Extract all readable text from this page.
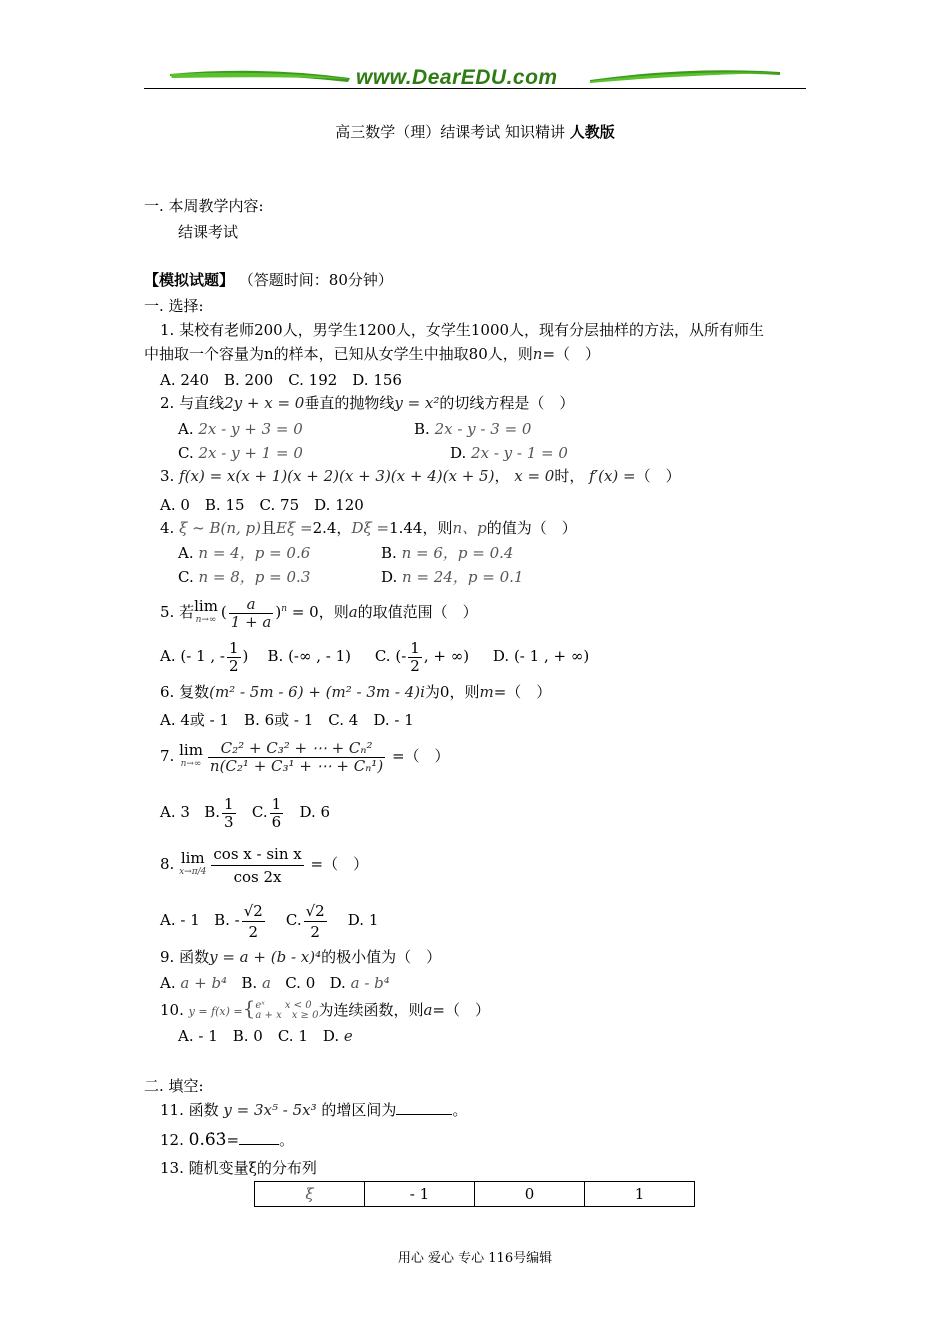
www.DearEDU.com
高三数学（理）结课考试 知识精讲 人教版
一. 本周教学内容:
结课考试
【模拟试题】 （答题时间：80分钟）
一. 选择:
1. 某校有老师200人，男学生1200人，女学生1000人，现有分层抽样的方法，从所有师生
中抽取一个容量为n的样本，已知从女学生中抽取80人，则n=（　）
A. 240　B. 200　C. 192　D. 156
2. 与直线2y + x = 0垂直的抛物线y = x²的切线方程是（　）
A. 2x - y + 3 = 0	B. 2x - y - 3 = 0
C. 2x - y + 1 = 0	D. 2x - y - 1 = 0
3. f(x) = x(x + 1)(x + 2)(x + 3)(x + 4)(x + 5)， x = 0时， f′(x) =（　）
A. 0　B. 15　C. 75　D. 120
4. ξ ~ B(n, p)且Eξ =2.4，Dξ =1.44，则n、p的值为（　）
A. n = 4，p = 0.6	B. n = 6，p = 0.4
C. n = 8，p = 0.3	D. n = 24，p = 0.1
5. 若lim
n→∞ ( $\frac{a}{1 + a} )^n = 0$，则a的取值范围（　）
A. (- 1 , - $\frac{1}{2}$ ) B. (-∞ , - 1) C. (- $\frac{1}{2}$ , + ∞) D. (- 1 , + ∞)
6. 复数(m² - 5m - 6) + (m² - 3m - 4)i为0，则m=（　）
A. 4或 - 1　B. 6或 - 1　C. 4　D. - 1
7. lim
$n\to\infty \frac{\text{C₂² + C₃² + ⋯ + Cₙ²}}{\text{n(C₂¹ + C₃¹ + ⋯ + Cₙ¹)}}$ =（　）
A. 3 B. $\frac{1}{3} C$. $\frac{1}{6} D$. 6
8. lim
$x\to\pi/4 \frac{\text{cos x - sin x}}{\cos 2x}$ =（　）
A. - 1 B. - $\frac{√2}{2} C$. $\frac{√2}{2} D$. 1
9. 函数y = a + (b - x)⁴的极小值为（　）
A. a + b⁴ B. a C. 0 D. a - b⁴
10. y = f(x) ={ eˣ　　x < 0
a + x　x ≥ 0 为连续函数，则a=（　）
A. - 1　B. 0　C. 1　D. e
二. 填空:
11. 函数 y = 3x⁵ - 5x³ 的增区间为	。
12. 0.6̇3̇=	。
13. 随机变量ξ的分布列
ξ	- 1	0	1
用心 爱心 专心 116号编辑
